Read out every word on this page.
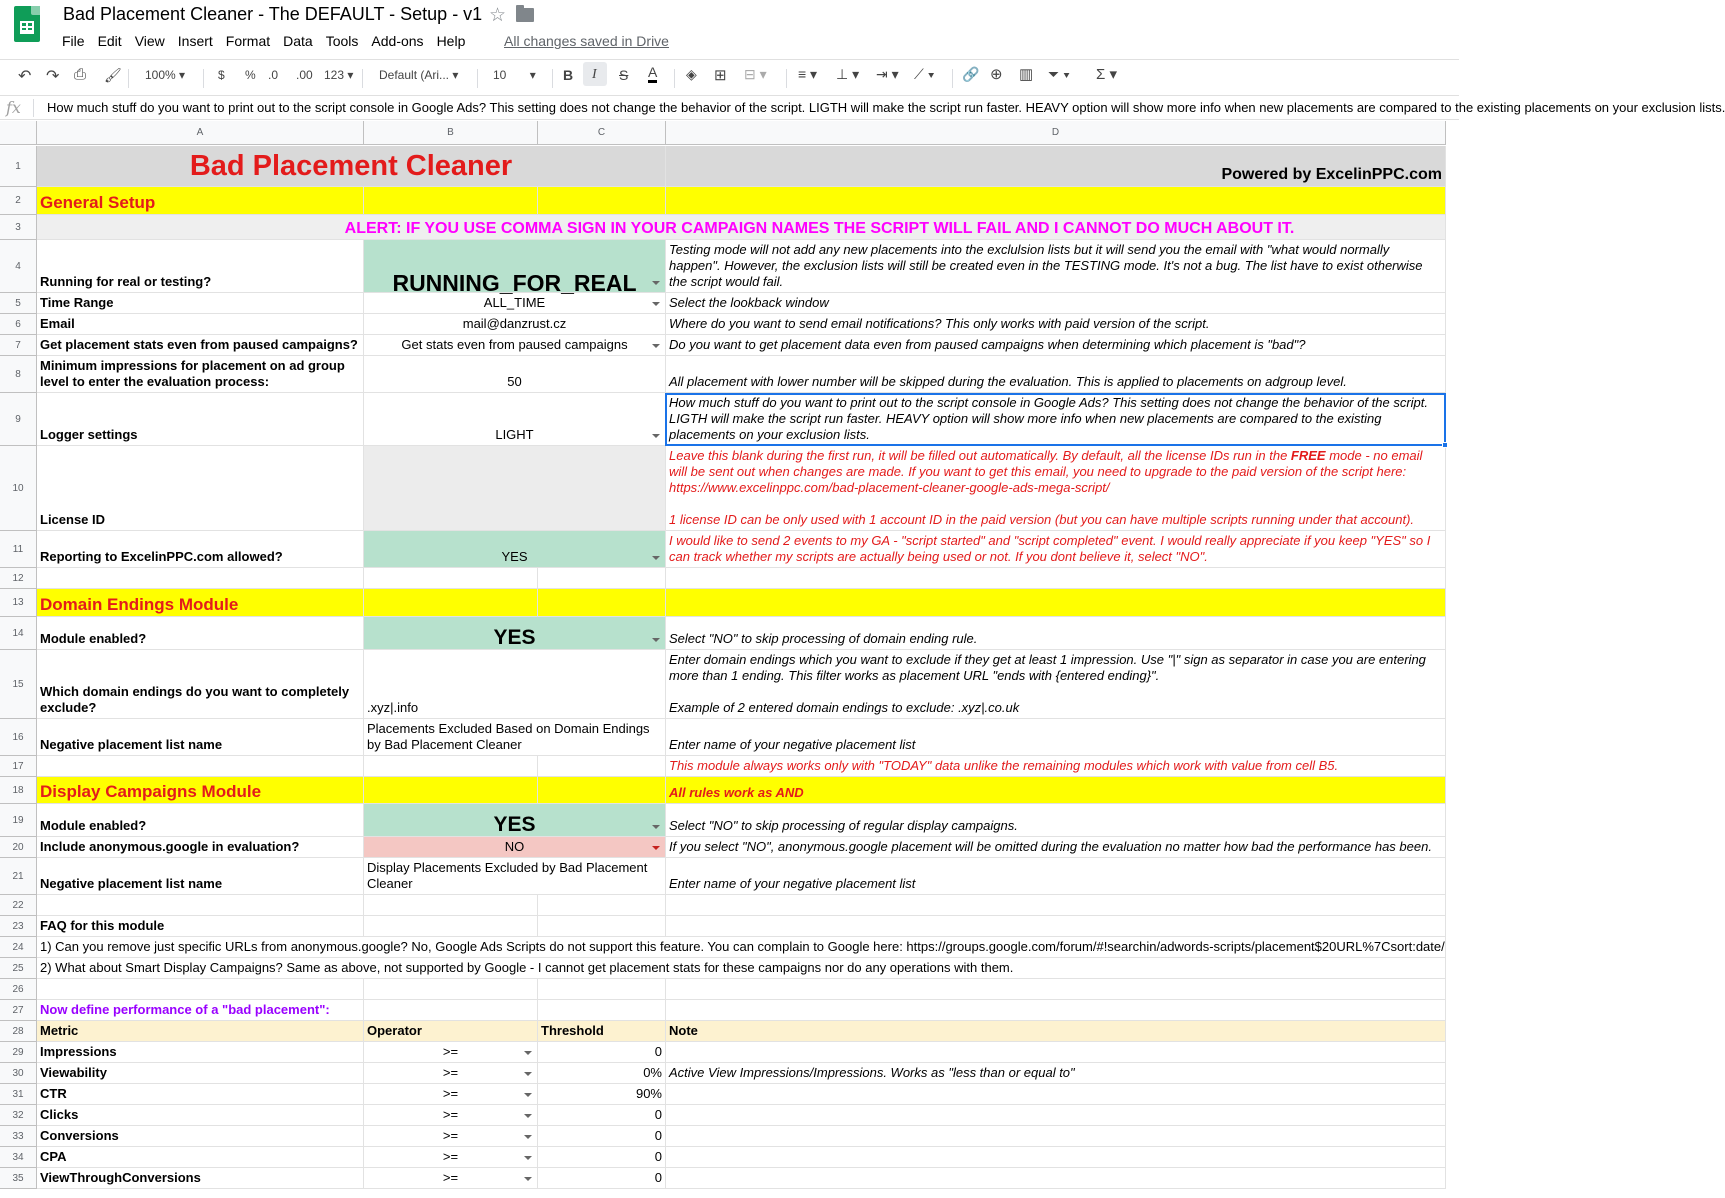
Bad Placement Cleaner - The DEFAULT - Setup - v1 ☆
File Edit View Insert Format Data Tools Add-ons Help	All changes saved in Drive
↶ ↷ ⎙ 🖌 100% ▾	$ % .0 .00 123 ▾ Default (Ari... ▾	10       ▾ B I S A ◈ ⊞ ⊟ ▾ ≡ ▾ ⊥ ▾ ⇥ ▾ ⟋ ▾ 🔗 ⊕ ▥ ⏷ ▾ Σ ▾
fx How much stuff do you want to print out to the script console in Google Ads? This setting does not change the behavior of the script. LIGTH will make the script run faster. HEAVY option will show more info when new placements are compared to the existing placements on your exclusion lists.
A	B	C	D
1
2
3
4
5
6
7
8
9
10
11
12
13
14
15
16
17
18
19
20
21
22
23
24
25
26
27
28
29
30
31
32
33
34
35
Bad Placement Cleaner	Powered by ExcelinPPC.com
General Setup
ALERT: IF YOU USE COMMA SIGN IN YOUR CAMPAIGN NAMES THE SCRIPT WILL FAIL AND I CANNOT DO MUCH ABOUT IT.
Running for real or testing?	RUNNING_FOR_REAL
Testing mode will not add any new placements into the exclulsion lists but it will send you the email with "what would normally happen". However, the exclusion lists will still be created even in the TESTING mode. It's not a bug. The list have to exist otherwise the script would fail.
Time Range	ALL_TIME	Select the lookback window
Email	mail@danzrust.cz	Where do you want to send email notifications? This only works with paid version of the script.
Get placement stats even from paused campaigns?	Get stats even from paused campaigns	Do you want to get placement data even from paused campaigns when determining which placement is "bad"?
Minimum impressions for placement on ad group level to enter the evaluation process:	50	All placement with lower number will be skipped during the evaluation. This is applied to placements on adgroup level.
Logger settings	LIGHT
How much stuff do you want to print out to the script console in Google Ads? This setting does not change the behavior of the script. LIGTH will make the script run faster. HEAVY option will show more info when new placements are compared to the existing placements on your exclusion lists.
License ID
Leave this blank during the first run, it will be filled out automatically. By default, all the license IDs run in the FREE mode - no email will be sent out when changes are made. If you want to get this email, you need to upgrade to the paid version of the script here: https://www.excelinppc.com/bad-placement-cleaner-google-ads-mega-script/
1 license ID can be only used with 1 account ID in the paid version (but you can have multiple scripts running under that account).
Reporting to ExcelinPPC.com allowed?	YES
I would like to send 2 events to my GA - "script started" and "script completed" event. I would really appreciate if you keep "YES" so I can track whether my scripts are actually being used or not. If you dont believe it, select "NO".
Domain Endings Module
Module enabled?	YES	Select "NO" to skip processing of domain ending rule.
Which domain endings do you want to completely exclude?	.xyz|.info
Enter domain endings which you want to exclude if they get at least 1 impression. Use "|" sign as separator in case you are entering more than 1 ending. This filter works as placement URL "ends with {entered ending}".
Example of 2 entered domain endings to exclude: .xyz|.co.uk
Negative placement list name
Placements Excluded Based on Domain Endings by Bad Placement Cleaner	Enter name of your negative placement list
This module always works only with "TODAY" data unlike the remaining modules which work with value from cell B5.
Display Campaigns Module	All rules work as AND
Module enabled?	YES	Select "NO" to skip processing of regular display campaigns.
Include anonymous.google in evaluation?	NO	If you select "NO", anonymous.google placement will be omitted during the evaluation no matter how bad the performance has been.
Negative placement list name
Display Placements Excluded by Bad Placement Cleaner	Enter name of your negative placement list
FAQ for this module
1) Can you remove just specific URLs from anonymous.google? No, Google Ads Scripts do not support this feature. You can complain to Google here: https://groups.google.com/forum/#!searchin/adwords-scripts/placement$20URL%7Csort:date/
2) What about Smart Display Campaigns? Same as above, not supported by Google - I cannot get placement stats for these campaigns nor do any operations with them.
Now define performance of a "bad placement":
Metric	Operator	Threshold	Note
Impressions	>=	0
Viewability	>=	0% Active View Impressions/Impressions. Works as "less than or equal to"
CTR	>=	90%
Clicks	>=	0
Conversions	>=	0
CPA	>=	0
ViewThroughConversions	>=	0
